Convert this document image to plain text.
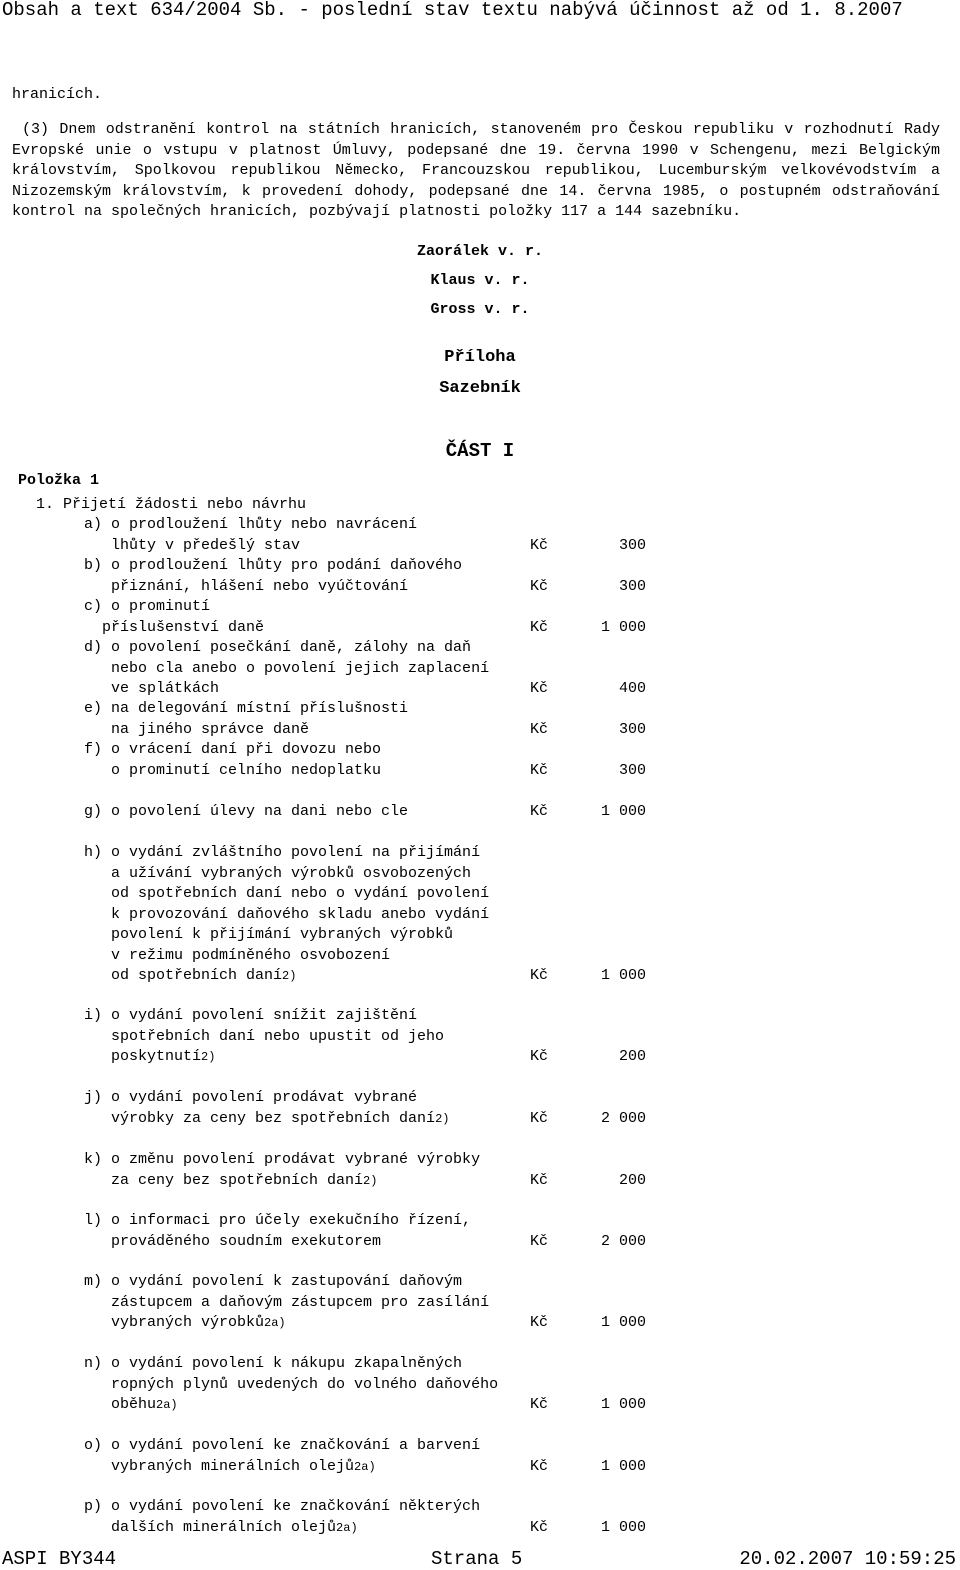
Obsah a text 634/2004 Sb. - poslední stav textu nabývá účinnost až od 1. 8.2007
hranicích.
(3) Dnem odstranění kontrol na státních hranicích, stanoveném pro Českou republiku v rozhodnutí Rady Evropské unie o vstupu v platnost Úmluvy, podepsané dne 19. června 1990 v Schengenu, mezi Belgickým královstvím, Spolkovou republikou Německo, Francouzskou republikou, Lucemburským velkovévodstvím a Nizozemským královstvím, k provedení dohody, podepsané dne 14. června 1985, o postupném odstraňování kontrol na společných hranicích, pozbývají platnosti položky 117 a 144 sazebníku.
Zaorálek v. r.
Klaus v. r.
Gross v. r.
Příloha
Sazebník
ČÁST I
Položka 1
1. Přijetí žádosti nebo návrhu
a) o prodloužení lhůty nebo navrácení
lhůty v předešlý stav	Kč	300
b) o prodloužení lhůty pro podání daňového
přiznání, hlášení nebo vyúčtování	Kč	300
c) o prominutí
příslušenství daně	Kč	1 000
d) o povolení posečkání daně, zálohy na daň
nebo cla anebo o povolení jejich zaplacení
ve splátkách	Kč	400
e) na delegování místní příslušnosti
na jiného správce daně	Kč	300
f) o vrácení daní při dovozu nebo
o prominutí celního nedoplatku	Kč	300
g) o povolení úlevy na dani nebo cle	Kč	1 000
h) o vydání zvláštního povolení na přijímání
a užívání vybraných výrobků osvobozených
od spotřebních daní nebo o vydání povolení
k provozování daňového skladu anebo vydání
povolení k přijímání vybraných výrobků
v režimu podmíněného osvobození
od spotřebních daní2)	Kč	1 000
i) o vydání povolení snížit zajištění
spotřebních daní nebo upustit od jeho
poskytnutí2)	Kč	200
j) o vydání povolení prodávat vybrané
výrobky za ceny bez spotřebních daní2)	Kč	2 000
k) o změnu povolení prodávat vybrané výrobky
za ceny bez spotřebních daní2)	Kč	200
l) o informaci pro účely exekučního řízení,
prováděného soudním exekutorem	Kč	2 000
m) o vydání povolení k zastupování daňovým
zástupcem a daňovým zástupcem pro zasílání
vybraných výrobků2a)	Kč	1 000
n) o vydání povolení k nákupu zkapalněných
ropných plynů uvedených do volného daňového
oběhu2a)	Kč	1 000
o) o vydání povolení ke značkování a barvení
vybraných minerálních olejů2a)	Kč	1 000
p) o vydání povolení ke značkování některých
dalších minerálních olejů2a)	Kč	1 000
ASPI BY344	Strana 5	20.02.2007 10:59:25
